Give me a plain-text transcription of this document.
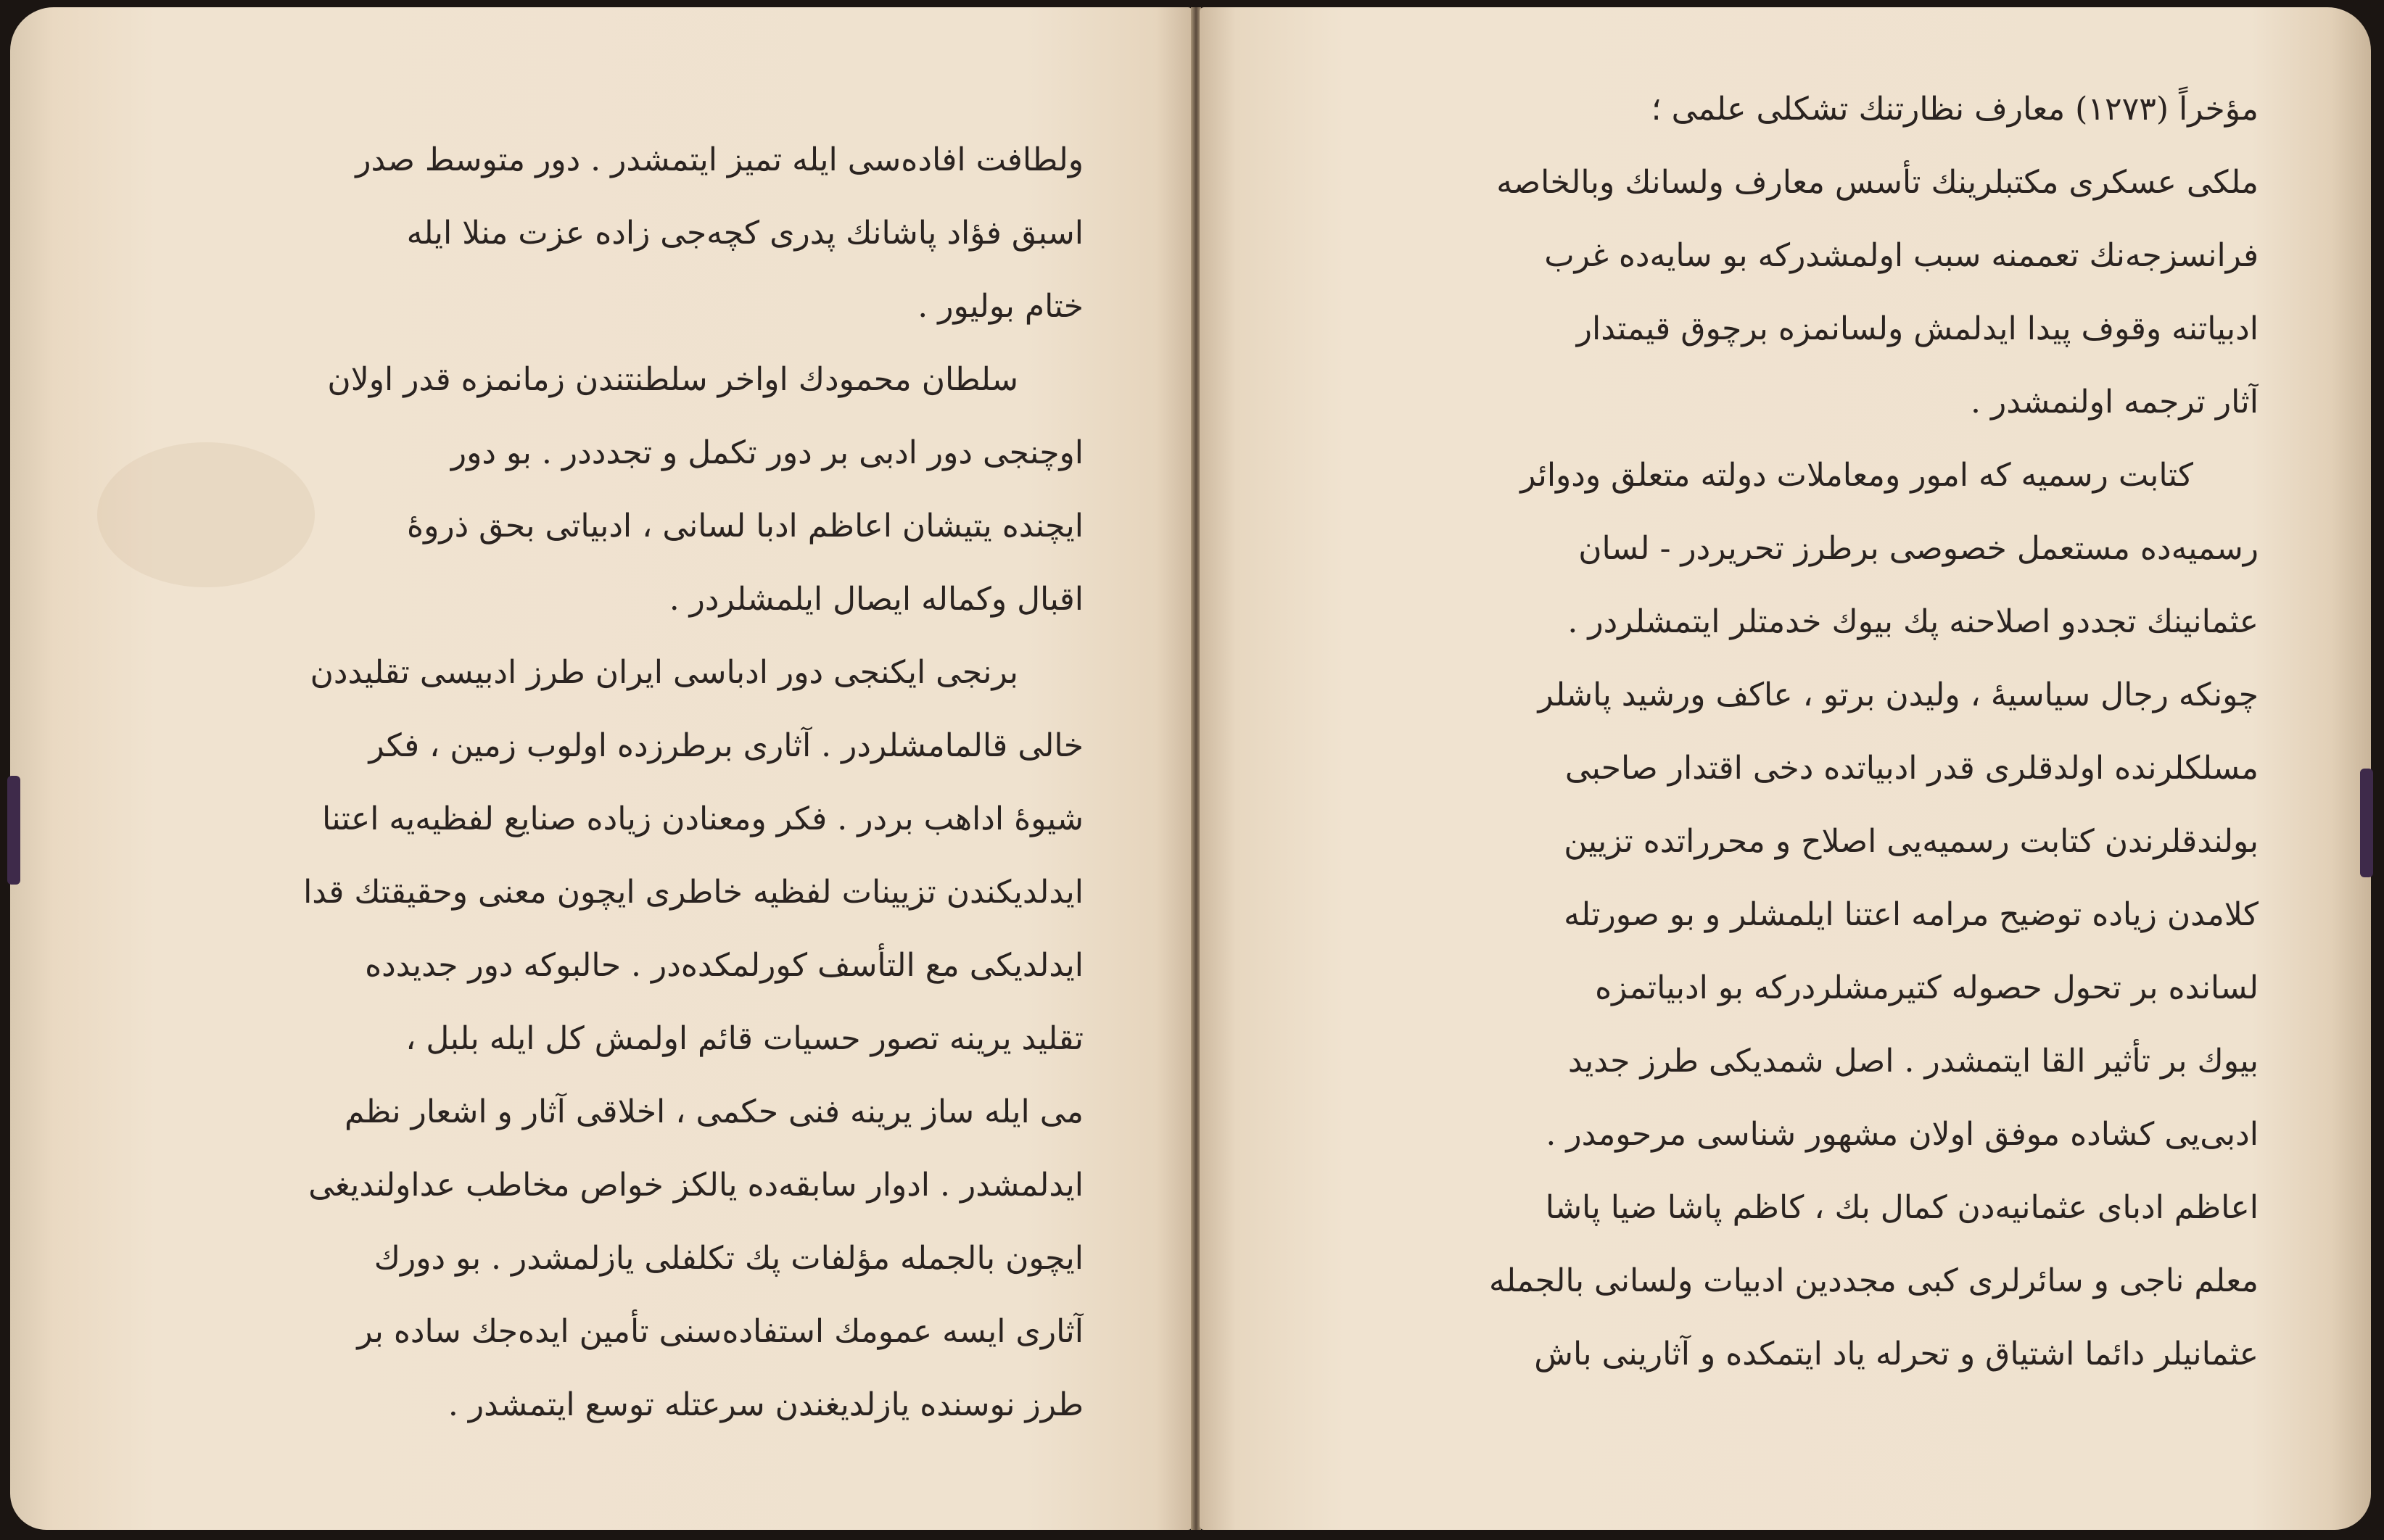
ولطافت افاده‌سی ایله تمیز ایتمشدر . دور متوسط صدر
اسبق فؤاد پاشانك پدری کچه‌جی زاده عزت منلا ایله
ختام بولیور .
سلطان محمودك اواخر سلطنتندن زمانمزه قدر اولان
اوچنجی دور ادبی بر دور تکمل و تجدددر . بو دور
ایچنده یتیشان اعاظم ادبا لسانی ، ادبیاتی بحق ذروهٔ
اقبال وکماله ایصال ایلمشلردر .
برنجی ایکنجی دور ادباسی ایران طرز ادبیسی تقلیددن
خالی قالمامشلردر . آثاری برطرزده اولوب زمین ، فکر
شیوهٔ اداهب بردر . فکر ومعنادن زیاده صنایع لفظیه‌یه اعتنا
ایدلدیکندن تزیینات لفظیه خاطری ایچون معنی وحقیقتك قدا
ایدلدیکی مع التأسف کورلمکده‌در . حالبوکه دور جدیدده
تقلید یرینه تصور حسیات قائم اولمش کل ایله بلبل ،
می ایله ساز یرینه فنی حکمی ، اخلاقی آثار و اشعار نظم
ایدلمشدر . ادوار سابقه‌ده یالکز خواص مخاطب عداولندیغی
ایچون بالجمله مؤلفات پك تکلفلی یازلمشدر . بو دورك
آثاری ایسه عمومك استفاده‌سنی تأمین ایده‌جك ساده بر
طرز نوسنده یازلدیغندن سرعتله توسع ایتمشدر .
مؤخراً (۱۲۷۳) معارف نظارتنك تشکلی علمی ؛
ملکی عسکری مکتبلرینك تأسس معارف ولسانك وبالخاصه
فرانسزجه‌نك تعممنه سبب اولمشدرکه بو سایه‌ده غرب
ادبیاتنه وقوف پیدا ایدلمش ولسانمزه برچوق قیمتدار
آثار ترجمه اولنمشدر .
کتابت رسمیه که امور ومعاملات دولته متعلق ودوائر
رسمیه‌ده مستعمل خصوصی برطرز تحریردر - لسان
عثمانینك تجددو اصلاحنه پك بیوك خدمتلر ایتمشلردر .
چونکه رجال سیاسیهٔ ، ولیدن برتو ، عاکف ورشید پاشلر
مسلکلرنده اولدقلری قدر ادبیاتده دخی اقتدار صاحبی
بولندقلرندن کتابت رسمیه‌یی اصلاح و محرراتده تزیین
کلامدن زیاده توضیح مرامه اعتنا ایلمشلر و بو صورتله
لسانده بر تحول حصوله کتیرمشلردرکه بو ادبیاتمزه
بیوك بر تأثیر القا ایتمشدر . اصل شمدیکی طرز جدید
ادبی‌یی کشاده موفق اولان مشهور شناسی مرحومدر .
اعاظم ادبای عثمانیه‌دن کمال بك ، کاظم پاشا ضیا پاشا
معلم ناجی و سائرلری کبی مجددین ادبیات ولسانی بالجمله
عثمانیلر دائما اشتیاق و تحرله یاد ایتمکده و آثارینی باش
